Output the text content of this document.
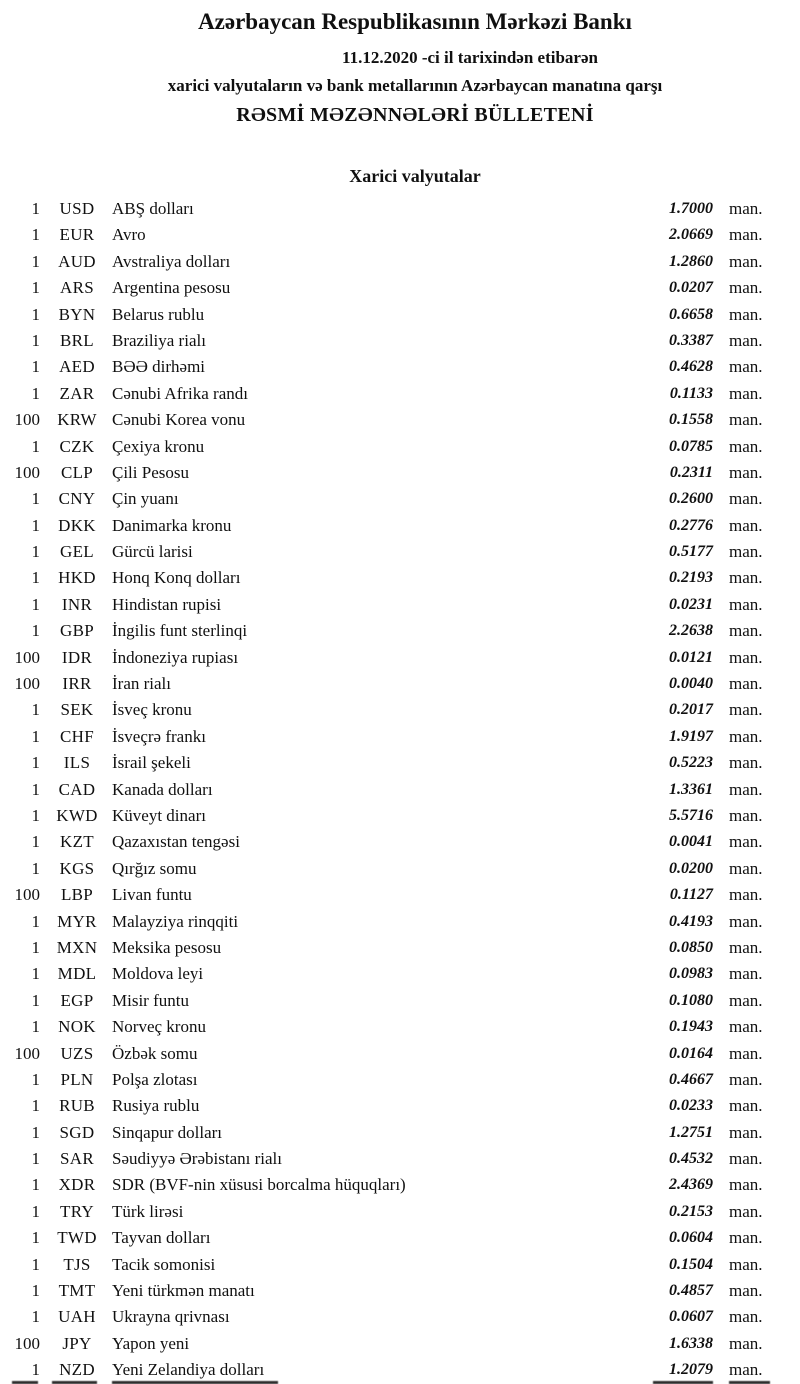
Azərbaycan Respublikasının Mərkəzi Bankı
11.12.2020 -ci il tarixindən etibarən
xarici valyutaların və bank metallarının Azərbaycan manatına qarşı
RƏSMİ MƏZƏNNƏLƏRİ BÜLLETENİ
Xarici valyutalar
1	USD	ABŞ dolları	1.7000 man.
1	EUR	Avro	2.0669 man.
1	AUD Avstraliya dolları	1.2860 man.
1	ARS	Argentina pesosu	0.0207 man.
1	BYN Belarus rublu	0.6658 man.
1	BRL	Braziliya rialı	0.3387 man.
1	AED	BƏƏ dirhəmi	0.4628 man.
1	ZAR	Cənubi Afrika randı	0.1133 man.
100	KRW Cənubi Korea vonu	0.1558 man.
1	CZK	Çexiya kronu	0.0785 man.
100	CLP	Çili Pesosu	0.2311 man.
1	CNY Çin yuanı	0.2600 man.
1	DKK Danimarka kronu	0.2776 man.
1	GEL	Gürcü larisi	0.5177 man.
1	HKD Honq Konq dolları	0.2193 man.
1	INR	Hindistan rupisi	0.0231 man.
1	GBP	İngilis funt sterlinqi	2.2638 man.
100	IDR	İndoneziya rupiası	0.0121 man.
100	IRR	İran rialı	0.0040 man.
1	SEK	İsveç kronu	0.2017 man.
1	CHF	İsveçrə frankı	1.9197 man.
1	ILS	İsrail şekeli	0.5223 man.
1	CAD Kanada dolları	1.3361 man.
1 KWD Küveyt dinarı	5.5716 man.
1	KZT	Qazaxıstan tengəsi	0.0041 man.
1	KGS	Qırğız somu	0.0200 man.
100	LBP	Livan funtu	0.1127 man.
1	MYR Malayziya rinqqiti	0.4193 man.
1 MXN Meksika pesosu	0.0850 man.
1	MDL Moldova leyi	0.0983 man.
1	EGP	Misir funtu	0.1080 man.
1	NOK Norveç kronu	0.1943 man.
100	UZS	Özbək somu	0.0164 man.
1	PLN	Polşa zlotası	0.4667 man.
1	RUB	Rusiya rublu	0.0233 man.
1	SGD	Sinqapur dolları	1.2751 man.
1	SAR	Səudiyyə Ərəbistanı rialı	0.4532 man.
1	XDR SDR (BVF-nin xüsusi borcalma hüquqları)	2.4369 man.
1	TRY	Türk lirəsi	0.2153 man.
1	TWD Tayvan dolları	0.0604 man.
1	TJS	Tacik somonisi	0.1504 man.
1	TMT Yeni türkmən manatı	0.4857 man.
1	UAH Ukrayna qrivnası	0.0607 man.
100	JPY	Yapon yeni	1.6338 man.
1	NZD	Yeni Zelandiya dolları	1.2079 man.
